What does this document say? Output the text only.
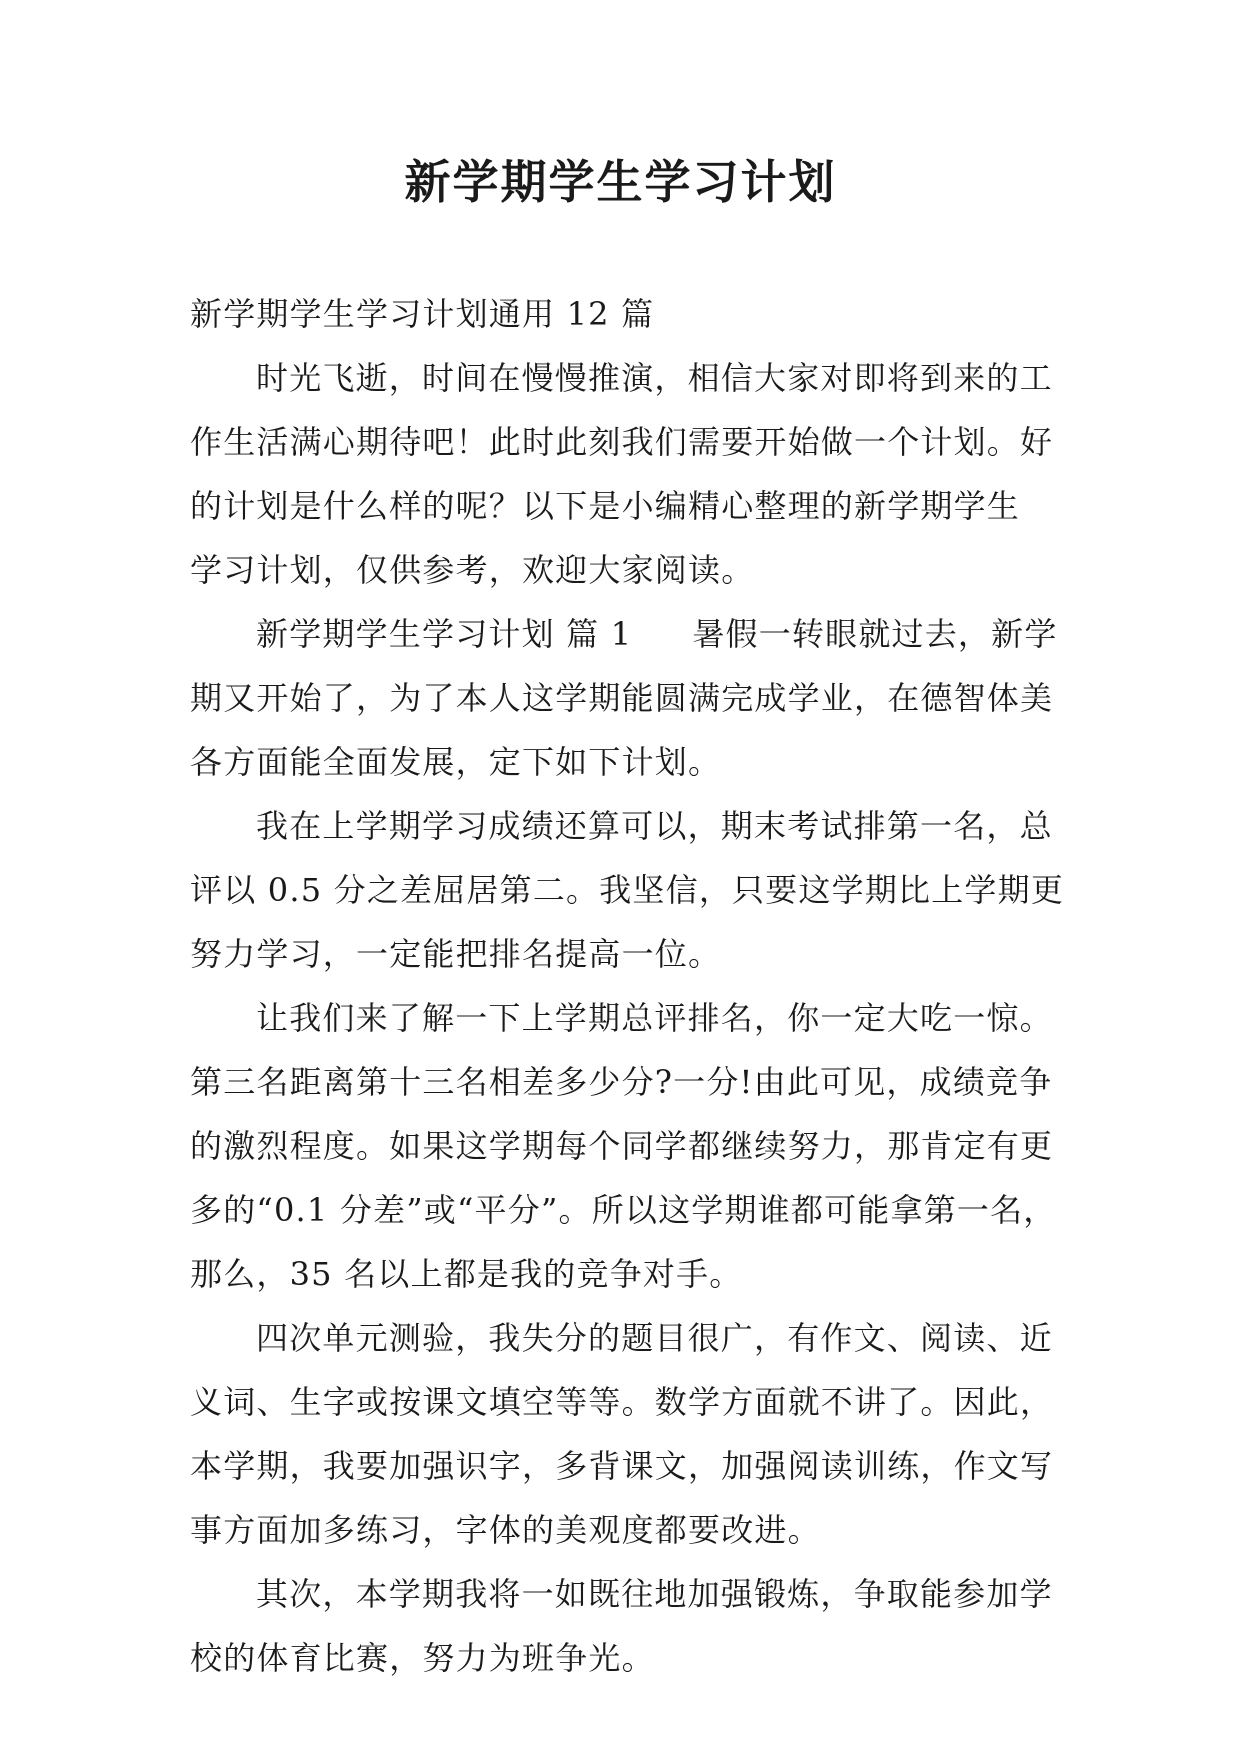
新学期学生学习计划

新学期学生学习计划通用 12 篇

时光飞逝，时间在慢慢推演，相信大家对即将到来的工

作生活满心期待吧！此时此刻我们需要开始做一个计划。好

的计划是什么样的呢？以下是小编精心整理的新学期学生

学习计划，仅供参考，欢迎大家阅读。

新学期学生学习计划 篇 1 暑假一转眼就过去，新学

期又开始了，为了本人这学期能圆满完成学业，在德智体美

各方面能全面发展，定下如下计划。

我在上学期学习成绩还算可以，期末考试排第一名，总

评以 0.5 分之差屈居第二。我坚信，只要这学期比上学期更

努力学习，一定能把排名提高一位。

让我们来了解一下上学期总评排名，你一定大吃一惊。

第三名距离第十三名相差多少分?一分!由此可见，成绩竞争

的激烈程度。如果这学期每个同学都继续努力，那肯定有更

多的“0.1 分差”或“平分”。所以这学期谁都可能拿第一名，

那么，35 名以上都是我的竞争对手。

四次单元测验，我失分的题目很广，有作文、阅读、近

义词、生字或按课文填空等等。数学方面就不讲了。因此，

本学期，我要加强识字，多背课文，加强阅读训练，作文写

事方面加多练习，字体的美观度都要改进。

其次，本学期我将一如既往地加强锻炼，争取能参加学

校的体育比赛，努力为班争光。
